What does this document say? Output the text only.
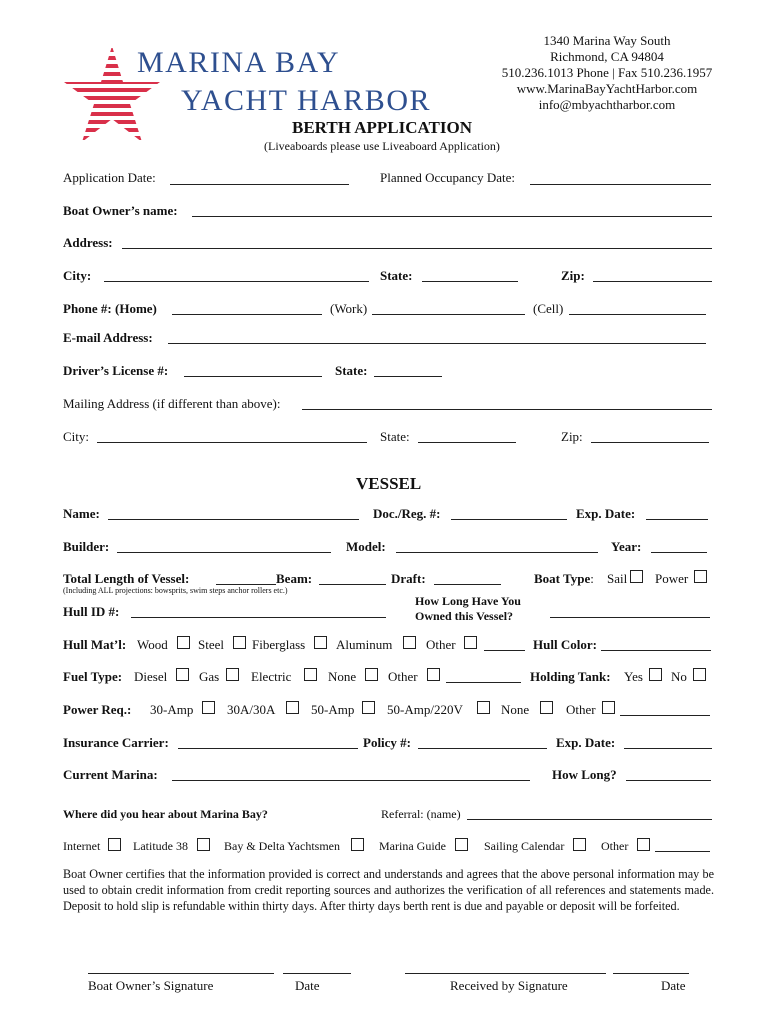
MARINA BAY
YACHT HARBOR
1340 Marina Way South
Richmond, CA 94804
510.236.1013 Phone | Fax 510.236.1957
www.MarinaBayYachtHarbor.com
info@mbyachtharbor.com
BERTH APPLICATION
(Liveaboards please use Liveaboard Application)
Application Date:	Planned Occupancy Date:
Boat Owner’s name:
Address:
City:	State:	Zip:
Phone #: (Home)	(Work)	(Cell)
E-mail Address:
Driver’s License #:	State:
Mailing Address (if different than above):
City:	State:	Zip:
VESSEL
Name:	Doc./Reg. #:	Exp. Date:
Builder:	Model:	Year:
Total Length of Vessel:	Beam:	Draft:	Boat Type: Sail Power
(Including ALL projections: bowsprits, swim steps anchor rollers etc.)
Hull ID #:
How Long Have You
Owned this Vessel?
Hull Mat’l: Wood Steel Fiberglass Aluminum	Other	Hull Color:
Fuel Type: Diesel Gas Electric	None Other	Holding Tank: Yes No
Power Req.: 30-Amp	30A/30A	50-Amp	50-Amp/220V	None	Other
Insurance Carrier:	Policy #:	Exp. Date:
Current Marina:	How Long?
Where did you hear about Marina Bay?	Referral: (name)
Internet	Latitude 38	Bay & Delta Yachtsmen	Marina Guide	Sailing Calendar	Other
Boat Owner certifies that the information provided is correct and understands and agrees that the above personal information may be used to obtain credit information from credit reporting sources and authorizes the verification of all references and statements made. Deposit to hold slip is refundable within thirty days. After thirty days berth rent is due and payable or deposit will be forfeited.
Boat Owner’s Signature	Date	Received by Signature	Date
